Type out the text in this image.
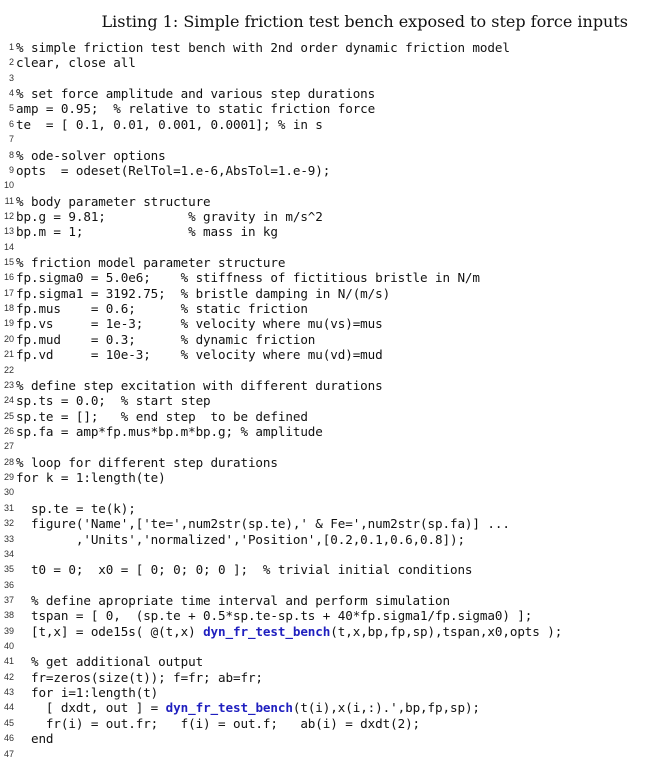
Listing 1: Simple friction test bench exposed to step force inputs
1 % simple friction test bench with 2nd order dynamic friction model
2 clear, close all
3
4 % set force amplitude and various step durations
5 amp = 0.95;  % relative to static friction force
6 te  = [ 0.1, 0.01, 0.001, 0.0001]; % in s
7
8 % ode-solver options
9 opts  = odeset(RelTol=1.e-6,AbsTol=1.e-9);
10
11 % body parameter structure
12 bp.g = 9.81;           % gravity in m/s^2
13 bp.m = 1;              % mass in kg
14
15 % friction model parameter structure
16 fp.sigma0 = 5.0e6;    % stiffness of fictitious bristle in N/m
17 fp.sigma1 = 3192.75;  % bristle damping in N/(m/s)
18 fp.mus    = 0.6;      % static friction
19 fp.vs     = 1e-3;     % velocity where mu(vs)=mus
20 fp.mud    = 0.3;      % dynamic friction
21 fp.vd     = 10e-3;    % velocity where mu(vd)=mud
22
23 % define step excitation with different durations
24 sp.ts = 0.0;  % start step
25 sp.te = [];   % end step  to be defined
26 sp.fa = amp*fp.mus*bp.m*bp.g; % amplitude
27
28 % loop for different step durations
29 for k = 1:length(te)
30
31 sp.te = te(k);
32 figure('Name',['te=',num2str(sp.te),' & Fe=',num2str(sp.fa)] ...
33 ,'Units','normalized','Position',[0.2,0.1,0.6,0.8]);
34
35 t0 = 0;  x0 = [ 0; 0; 0; 0 ];  % trivial initial conditions
36
37 % define apropriate time interval and perform simulation
38 tspan = [ 0,  (sp.te + 0.5*sp.te-sp.ts + 40*fp.sigma1/fp.sigma0) ];
39 [t,x] = ode15s( @(t,x) dyn_fr_test_bench(t,x,bp,fp,sp),tspan,x0,opts );
40
41 % get additional output
42 fr=zeros(size(t)); f=fr; ab=fr;
43 for i=1:length(t)
44 [ dxdt, out ] = dyn_fr_test_bench(t(i),x(i,:).',bp,fp,sp);
45 fr(i) = out.fr;   f(i) = out.f;   ab(i) = dxdt(2);
46 end
47
